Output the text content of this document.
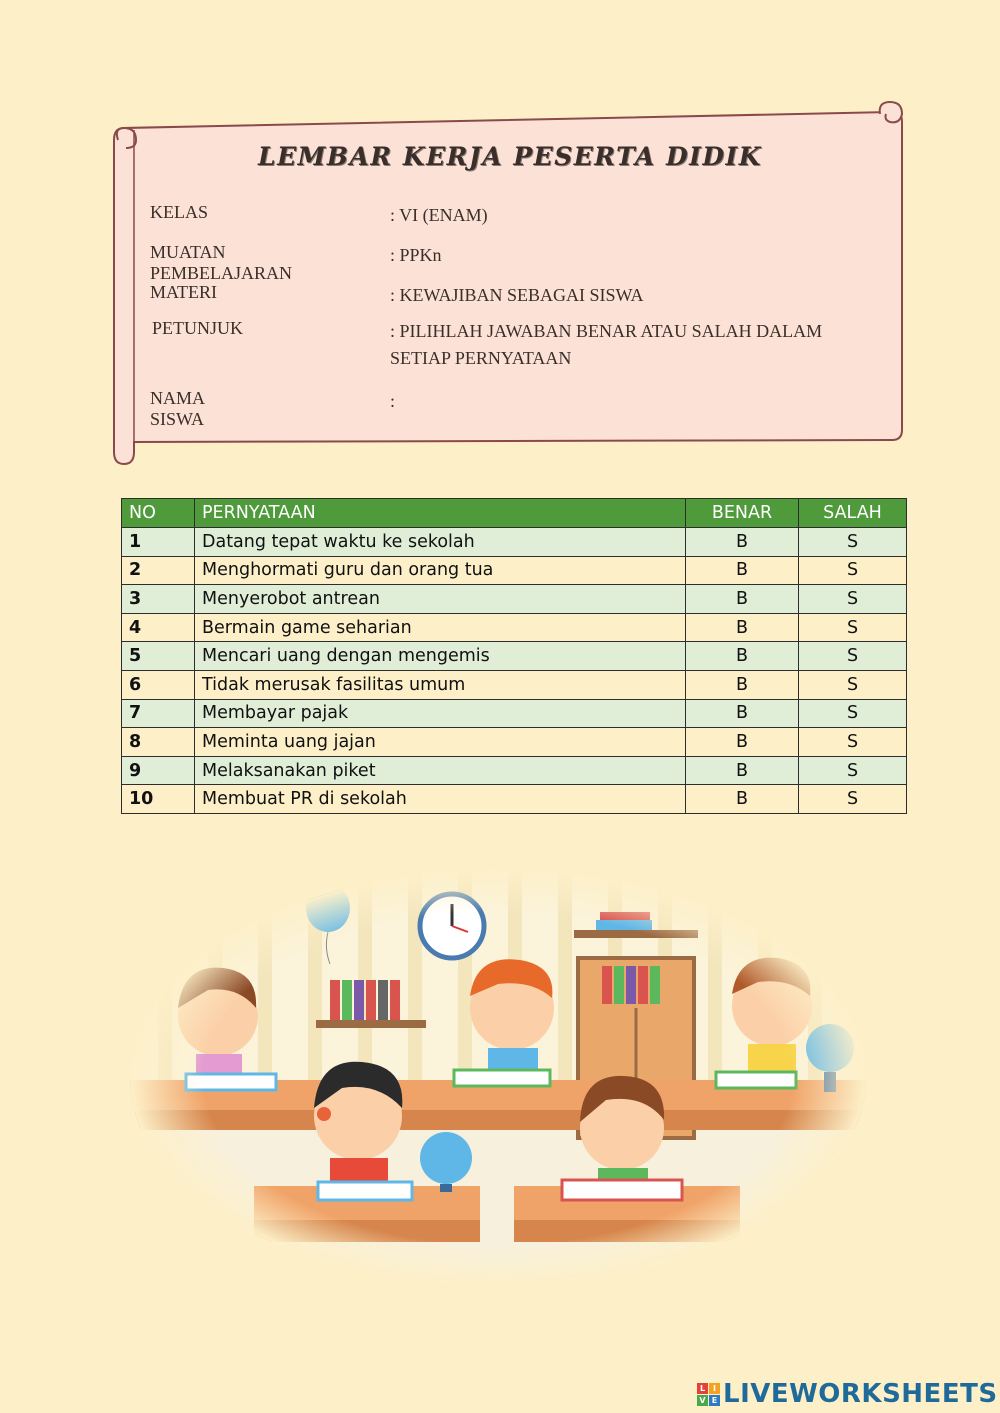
LEMBAR KERJA PESERTA DIDIK
KELAS	: VI (ENAM)
MUATAN PEMBELAJARAN
: PPKn
MATERI	: KEWAJIBAN SEBAGAI SISWA
PETUNJUK	: PILIHLAH JAWABAN BENAR ATAU SALAH DALAM SETIAP PERNYATAAN
NAMA SISWA
:
NO	PERNYATAAN	BENAR	SALAH
1	Datang tepat waktu ke sekolah	B	S
2	Menghormati guru dan orang tua	B	S
3	Menyerobot antrean	B	S
4	Bermain game seharian	B	S
5	Mencari uang dengan mengemis	B	S
6	Tidak merusak fasilitas umum	B	S
7	Membayar pajak	B	S
8	Meminta uang jajan	B	S
9	Melaksanakan piket	B	S
10	Membuat PR di sekolah	B	S
L I
V E LIVEWORKSHEETS
